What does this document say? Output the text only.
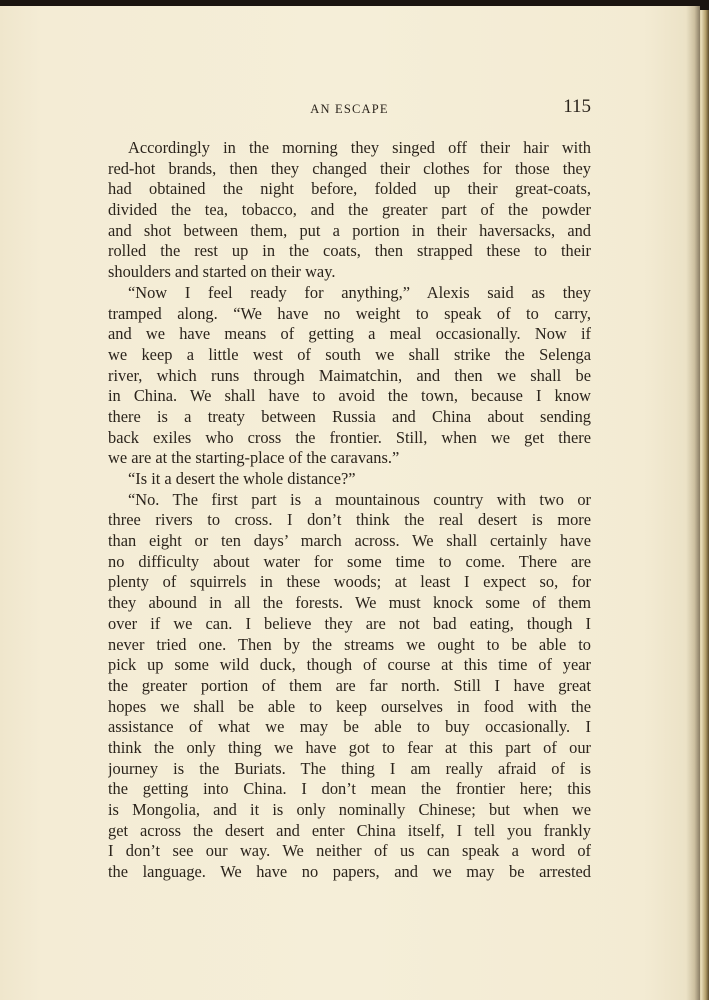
AN ESCAPE	115
Accordingly in the morning they singed off their hair with
red-hot brands, then they changed their clothes for those they
had obtained the night before, folded up their great-coats,
divided the tea, tobacco, and the greater part of the powder
and shot between them, put a portion in their haversacks, and
rolled the rest up in the coats, then strapped these to their
shoulders and started on their way.
“Now I feel ready for anything,” Alexis said as they
tramped along. “We have no weight to speak of to carry,
and we have means of getting a meal occasionally. Now if
we keep a little west of south we shall strike the Selenga
river, which runs through Maimatchin, and then we shall be
in China. We shall have to avoid the town, because I know
there is a treaty between Russia and China about sending
back exiles who cross the frontier. Still, when we get there
we are at the starting-place of the caravans.”
“Is it a desert the whole distance?”
“No. The first part is a mountainous country with two or
three rivers to cross. I don’t think the real desert is more
than eight or ten days’ march across. We shall certainly have
no difficulty about water for some time to come. There are
plenty of squirrels in these woods; at least I expect so, for
they abound in all the forests. We must knock some of them
over if we can. I believe they are not bad eating, though I
never tried one. Then by the streams we ought to be able to
pick up some wild duck, though of course at this time of year
the greater portion of them are far north. Still I have great
hopes we shall be able to keep ourselves in food with the
assistance of what we may be able to buy occasionally. I
think the only thing we have got to fear at this part of our
journey is the Buriats. The thing I am really afraid of is
the getting into China. I don’t mean the frontier here; this
is Mongolia, and it is only nominally Chinese; but when we
get across the desert and enter China itself, I tell you frankly
I don’t see our way. We neither of us can speak a word of
the language. We have no papers, and we may be arrested
